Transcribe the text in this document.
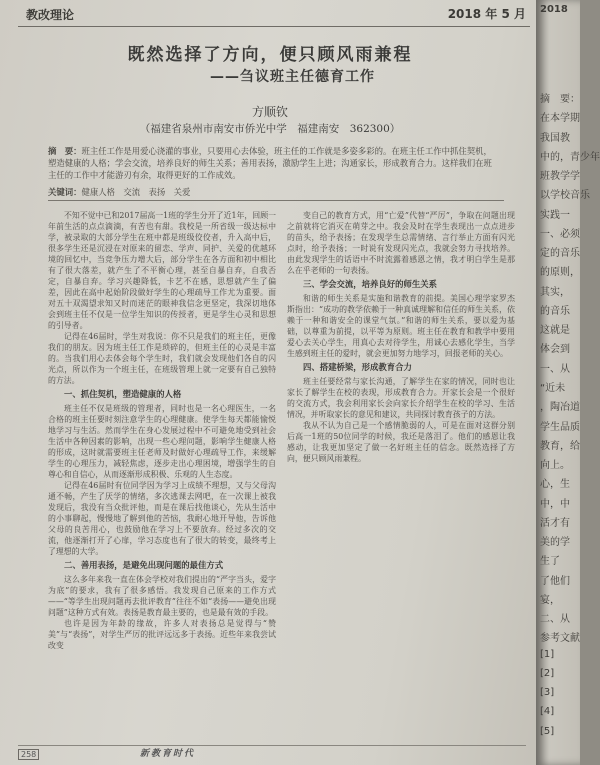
教改理论	2018 年 5 月
既然选择了方向，便只顾风雨兼程
——刍议班主任德育工作
方顺钦
（福建省泉州市南安市侨光中学　福建南安　362300）
摘　要：班主任工作是用爱心浇灌的事业，只要用心去体验，班主任的工作就是多姿多彩的。在班主任工作中抓住契机，塑造健康的人格；学会交流，培养良好的师生关系；善用表扬，激励学生上进；沟通家长，形成教育合力。这样我们在班主任的工作中才能游刃有余，取得更好的工作成效。
关键词：健康人格　交流　表扬　关爱

不知不觉中已和2017届高一1班的学生分开了近1年，回顾一年前生活的点点滴滴，有苦也有甜。我校是一所省级一级达标中学，被录取的大部分学生在班中都是班级佼佼者，升入高中后，很多学生还是沉浸在对原来的留恋、学声、同护、关爱的优越环境的回忆中，当竞争压力增大后，部分学生在各方面和初中相比有了很大落差，就产生了不平衡心理，甚至自暴自弃，自我否定，自暴自弃。学习兴趣降低，卡艺不在感，思想就产生了偏差，因此在高中起始阶段做好学生的心理疏导工作尤为重要。面对五十双渴望求知又时而迷茫的眼神我信念更坚定，我深切地体会到班主任不仅是一位学生知识的传授者，更是学生心灵和思想的引导者。

记得在46届时，学生对我说：你不只是我们的班主任，更像我们的朋友。因为班主任工作是琐碎的，但班主任的心灵是丰富的。当我们用心去体会每个学生时，我们就会发现他们各自的闪光点，所以作为一个班主任，在班级管理上就一定要有自己独特的方法。

一、抓住契机，塑造健康的人格

班主任不仅是班级的管理者，同时也是一名心理医生，一名合格的班主任要时刻注意学生的心理健康。使学生每天都能愉悦地学习与生活。然而学生在身心发展过程中不可避免地受到社会生活中各种因素的影响，出现一些心理问题，影响学生健康人格的形成，这时就需要班主任老师及时做好心理疏导工作，来缓解学生的心理压力，减轻焦虑，逐步走出心理困境，增强学生的自尊心和自信心，从而逐渐形成积极、乐观的人生态度。

记得在46届时有位同学因为学习上成绩不理想，又与父母沟通不畅，产生了厌学的情绪，多次逃课去网吧，在一次课上被我发现后，我没有当众批评他，而是在课后找他谈心，先从生活中的小事聊起，慢慢地了解到他的苦恼，我耐心地开导他，告诉他父母的良苦用心，也鼓励他在学习上不要放弃。经过多次的交流，他逐渐打开了心扉，学习态度也有了很大的转变，最终考上了理想的大学。

二、善用表扬，是避免出现问题的最佳方式

这么多年来我一直在体会学校对我们提出的“严字当头，爱字为底”的要求，我有了很多感悟。我发现自己原来的工作方式——“等学生出现问题再去批评教育”往往不如“表扬——避免出现问题”这种方式有效。表扬是教育最主要的，也是最有效的手段。

也许是因为年龄的缘故，许多人对表扬总是觉得与“赞美”与“表扬”，对学生严厉的批评远远多于表扬。近些年来我尝试改变

变自己的教育方式，用“亡爱”代替“严厉”，争取在问题出现之前就将它消灭在萌芽之中。我会及时在学生表现出一点点进步的苗头，给予表扬；在发现学生总需情绪、言行举止方面有闪光点时，给予表扬；一时说有发现闪光点，我就会努力寻找培养。由此发现学生的话语中不时流露着感恩之情，我才明白学生是那么在乎老师的一句表扬。

三、学会交流，培养良好的师生关系

和谐的师生关系是实施和谐教育的前提。美国心理学家罗杰斯指出：“成功的教学依赖于一种真诚理解和信任的师生关系，依赖于一种和谐安全的课堂气氛。”和谐的师生关系，要以爱为基础，以尊重为前提，以平等为原则。班主任在教育和教学中要用爱心去关心学生，用真心去对待学生，用诚心去感化学生，当学生感到班主任的爱时，就会更加努力地学习，回报老师的关心。

四、搭建桥梁，形成教育合力

班主任要经常与家长沟通，了解学生在家的情况，同时也让家长了解学生在校的表现，形成教育合力。开家长会是一个很好的交流方式，我会利用家长会向家长介绍学生在校的学习、生活情况，并听取家长的意见和建议，共同探讨教育孩子的方法。

我从不认为自己是一个感情脆弱的人，可是在面对这群分别后高一1班的50位同学的时候，我还是落泪了。他们的感恩让我感动，让我更加坚定了做一名好班主任的信念。既然选择了方向，便只顾风雨兼程。

258	新教育时代
2018
摘　要：
在本学期
我国教
中的，青少年
班教学学
以学校音乐
实践一
一、必须
定的音乐
的原则，
其实，
的音乐
这就是
体会到
一、从
“近未
，陶冶道
学生品质
教育，给
向上。
心，生
中，中
活才有
美的学
生了
了他们
宴，
二、从
参考文献
[1]
[2]
[3]
[4]
[5]
